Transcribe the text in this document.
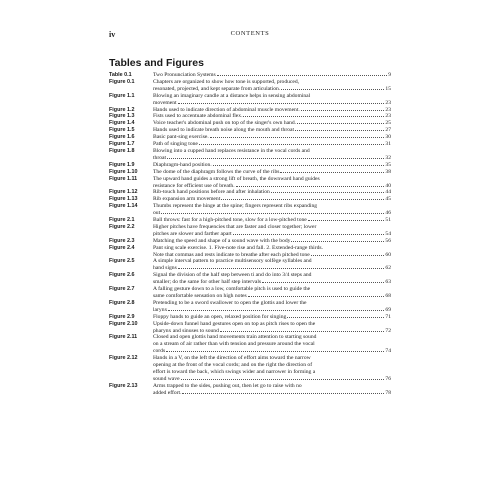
iv	CONTENTS
Tables and Figures
Table 0.1	Two Pronunciation Systems	9
Figure 0.1	Chapters are organized to show how tone is supported, produced,
resonated, projected, and kept separate from articulation.	15
Figure 1.1	Blowing an imaginary candle at a distance helps in sensing abdominal
movement	23
Figure 1.2	Hands used to indicate direction of abdominal muscle movement.	23
Figure 1.3	Fists used to accentuate abdominal flex.	23
Figure 1.4	Voice teacher's abdominal push on top of the singer's own hand.	25
Figure 1.5	Hands used to indicate breath noise along the mouth and throat	27
Figure 1.6	Basic pant-sing exercise.	30
Figure 1.7	Path of singing tone	31
Figure 1.8	Blowing into a cupped hand replaces resistance in the vocal cords and
throat	32
Figure 1.9	Diaphragm-hand position.	35
Figure 1.10	The dome of the diaphragm follows the curve of the ribs	38
Figure 1.11	The upward hand guides a strong lift of breath, the downward hand guides
resistance for efficient use of breath.	40
Figure 1.12	Rib-touch hand positions before and after inhalation	44
Figure 1.13	Rib expansion arm movement	45
Figure 1.14	Thumbs represent the hinge at the spine; fingers represent ribs expanding
out	46
Figure 2.1	Ball throws: fast for a high-pitched tone, slow for a low-pitched tone	51
Figure 2.2	Higher pitches have frequencies that are faster and closer together; lower
pitches are slower and farther apart	54
Figure 2.3	Matching the speed and shape of a sound wave with the body	56
Figure 2.4	Pant sing scale exercise. 1. Five-note rise and fall. 2. Extended-range thirds.
Note that commas and rests indicate to breathe after each pitched tone	60
Figure 2.5	A simple interval pattern to practice multisensory solfège syllables and
hand signs	62
Figure 2.6	Signal the division of the half step between ti and do into 3/4 steps and
smaller; do the same for other half step intervals	63
Figure 2.7	A falling gesture down to a low, comfortable pitch is used to guide the
same comfortable sensation on high notes	68
Figure 2.8	Pretending to be a sword swallower to open the glottis and lower the
larynx	69
Figure 2.9	Floppy hands to guide an open, relaxed position for singing	71
Figure 2.10	Upside-down funnel hand gestures open on top as pitch rises to open the
pharynx and sinuses to sound	72
Figure 2.11	Closed and open glottis hand movements train attention to starting sound
on a stream of air rather than with tension and pressure around the vocal
cords	74
Figure 2.12	Hands in a V, on the left the direction of effort aims toward the narrow
opening at the front of the vocal cords; and on the right the direction of
effort is toward the back, which swings wider and narrower in forming a
sound wave	76
Figure 2.13	Arms trapped to the sides, pushing out, then let go to raise with no
added effort.	78
